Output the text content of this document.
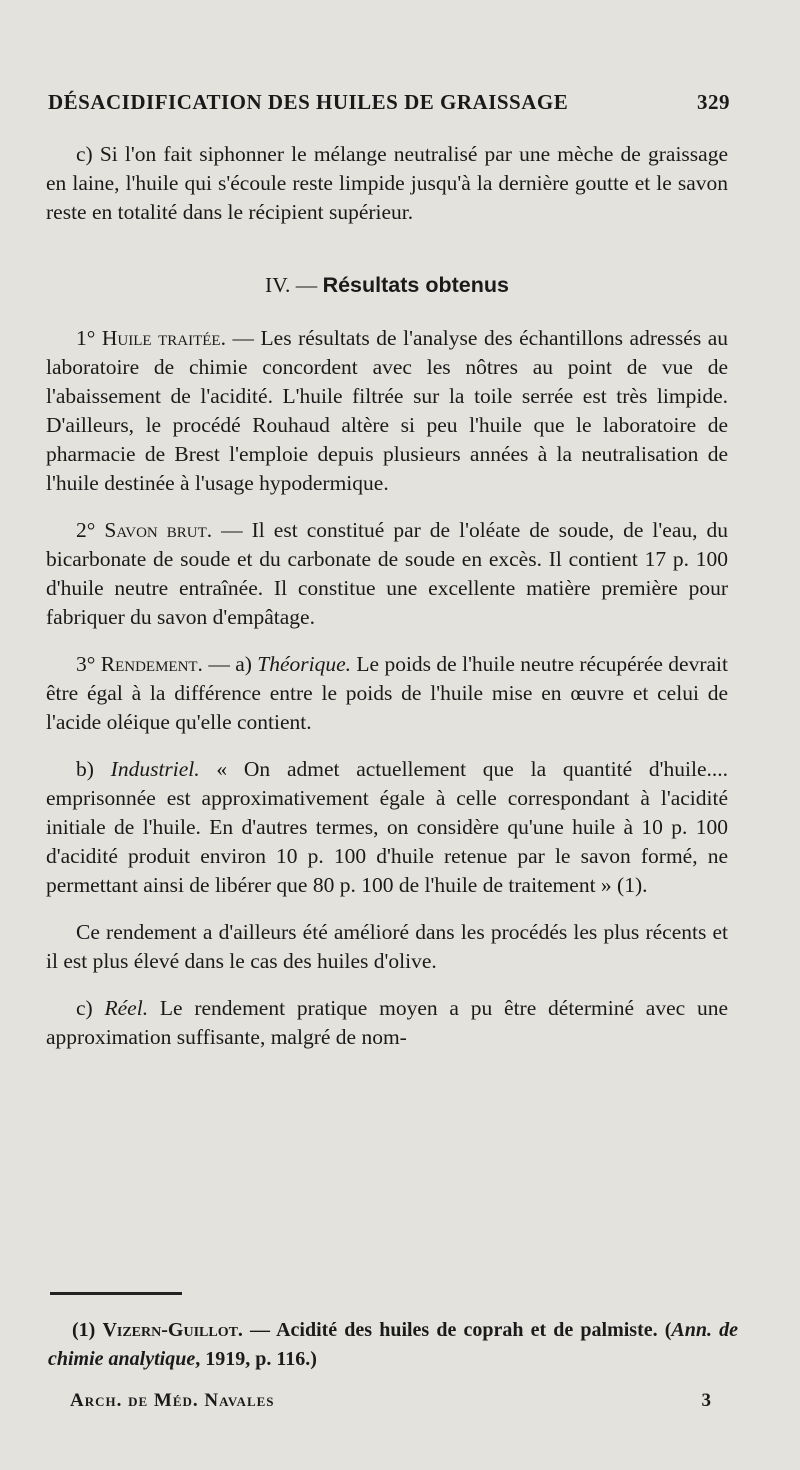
DÉSACIDIFICATION DES HUILES DE GRAISSAGE	329

c) Si l'on fait siphonner le mélange neutralisé par une mèche de graissage en laine, l'huile qui s'écoule reste limpide jusqu'à la dernière goutte et le savon reste en totalité dans le récipient supérieur.

IV. — Résultats obtenus

1° Huile traitée. — Les résultats de l'analyse des échantillons adressés au laboratoire de chimie concordent avec les nôtres au point de vue de l'abaissement de l'acidité. L'huile filtrée sur la toile serrée est très limpide. D'ailleurs, le procédé Rouhaud altère si peu l'huile que le laboratoire de pharmacie de Brest l'emploie depuis plusieurs années à la neutralisation de l'huile destinée à l'usage hypodermique.

2° Savon brut. — Il est constitué par de l'oléate de soude, de l'eau, du bicarbonate de soude et du carbonate de soude en excès. Il contient 17 p. 100 d'huile neutre entraînée. Il constitue une excellente matière première pour fabriquer du savon d'empâtage.

3° Rendement. — a) Théorique. Le poids de l'huile neutre récupérée devrait être égal à la différence entre le poids de l'huile mise en œuvre et celui de l'acide oléique qu'elle contient.

b) Industriel. « On admet actuellement que la quantité d'huile.... emprisonnée est approximativement égale à celle correspondant à l'acidité initiale de l'huile. En d'autres termes, on considère qu'une huile à 10 p. 100 d'acidité produit environ 10 p. 100 d'huile retenue par le savon formé, ne permettant ainsi de libérer que 80 p. 100 de l'huile de traitement » (1).

Ce rendement a d'ailleurs été amélioré dans les procédés les plus récents et il est plus élevé dans le cas des huiles d'olive.

c) Réel. Le rendement pratique moyen a pu être déterminé avec une approximation suffisante, malgré de nom-

(1) Vizern-Guillot. — Acidité des huiles de coprah et de palmiste. (Ann. de chimie analytique, 1919, p. 116.)
Arch. de Méd. Navales	3
